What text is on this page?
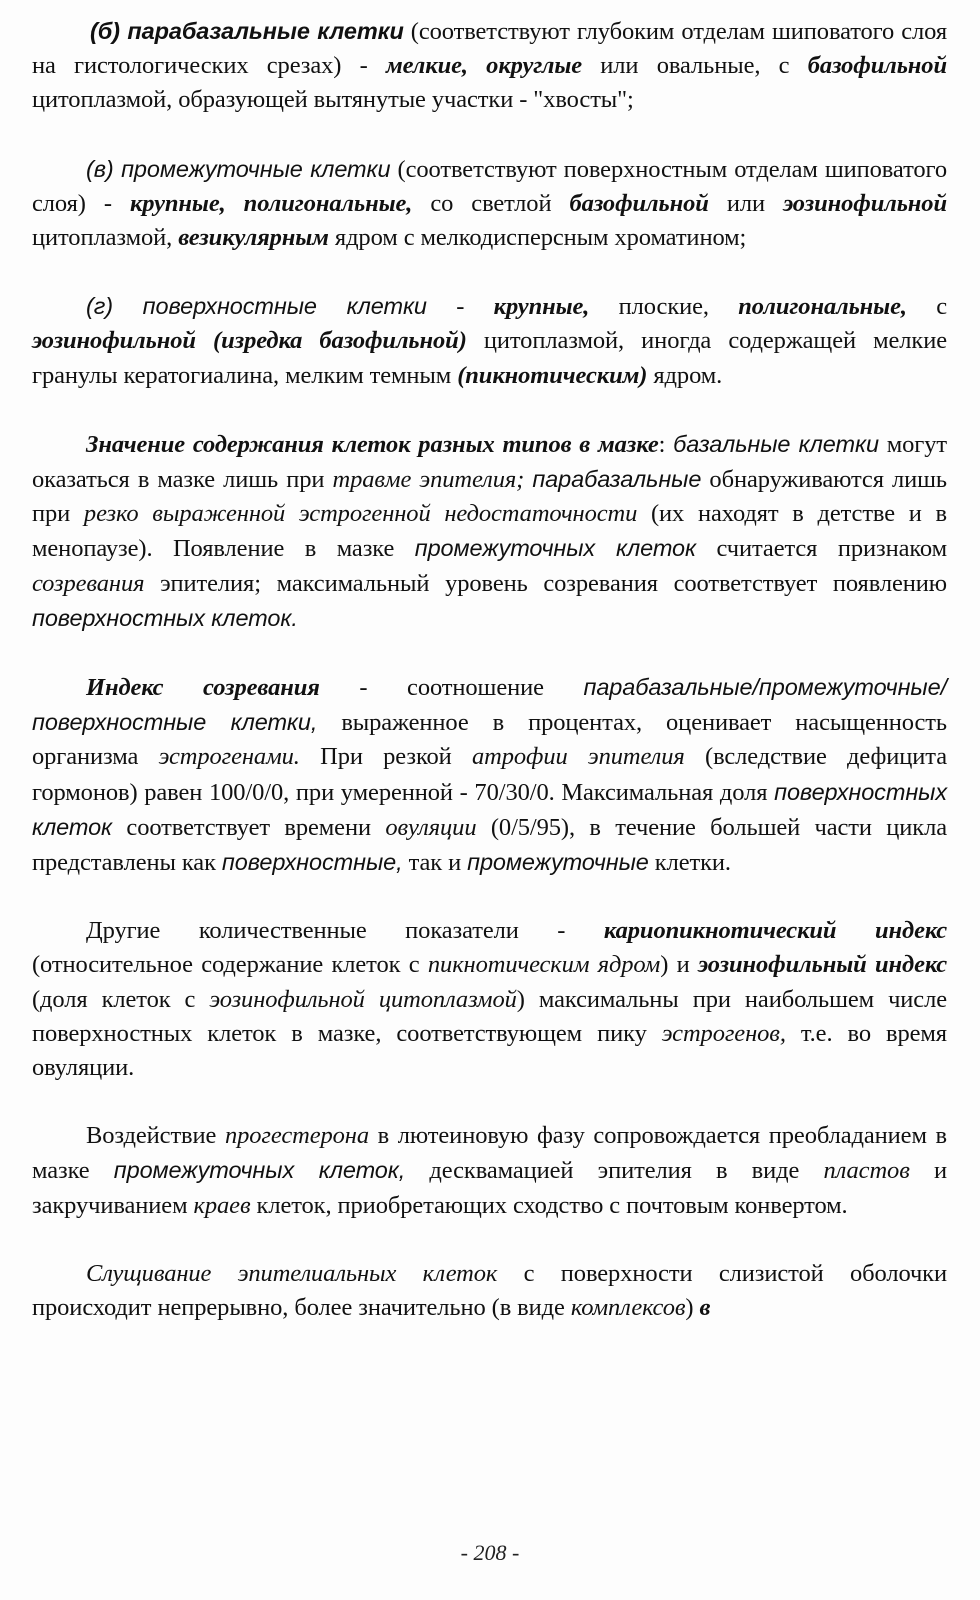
(б) парабазальные клетки (соответствуют глубоким отделам шиповатого слоя на гистологических срезах) - мелкие, округлые или овальные, с базофильной цитоплазмой, образующей вытянутые участки - "хвосты";

(в) промежуточные клетки (соответствуют поверхностным отделам шиповатого слоя) - крупные, полигональные, со светлой базофильной или эозинофильной цитоплазмой, везикулярным ядром с мелкодисперсным хроматином;

(г) поверхностные клетки - крупные, плоские, полигональные, с эозинофильной (изредка базофильной) цитоплазмой, иногда содержащей мелкие гранулы кератогиалина, мелким темным (пикнотическим) ядром.

Значение содержания клеток разных типов в мазке: базальные клетки могут оказаться в мазке лишь при травме эпителия; парабазальные обнаруживаются лишь при резко выраженной эстрогенной недостаточности (их находят в детстве и в менопаузе). Появление в мазке промежуточных клеток считается признаком созревания эпителия; максимальный уровень созревания соответствует появлению поверхностных клеток.

Индекс созревания - соотношение парабазальные/промежуточные/поверхностные клетки, выраженное в процентах, оценивает насыщенность организма эстрогенами. При резкой атрофии эпителия (вследствие дефицита гормонов) равен 100/0/0, при умеренной - 70/30/0. Максимальная доля поверхностных клеток соответствует времени овуляции (0/5/95), в течение большей части цикла представлены как поверхностные, так и промежуточные клетки.

Другие количественные показатели - кариопикнотический индекс (относительное содержание клеток с пикнотическим ядром) и эозинофильный индекс (доля клеток с эозинофильной цитоплазмой) максимальны при наибольшем числе поверхностных клеток в мазке, соответствующем пику эстрогенов, т.е. во время овуляции.

Воздействие прогестерона в лютеиновую фазу сопровождается преобладанием в мазке промежуточных клеток, десквамацией эпителия в виде пластов и закручиванием краев клеток, приобретающих сходство с почтовым конвертом.

Слущивание эпителиальных клеток с поверхности слизистой оболочки происходит непрерывно, более значительно (в виде комплексов) в

- 208 -
